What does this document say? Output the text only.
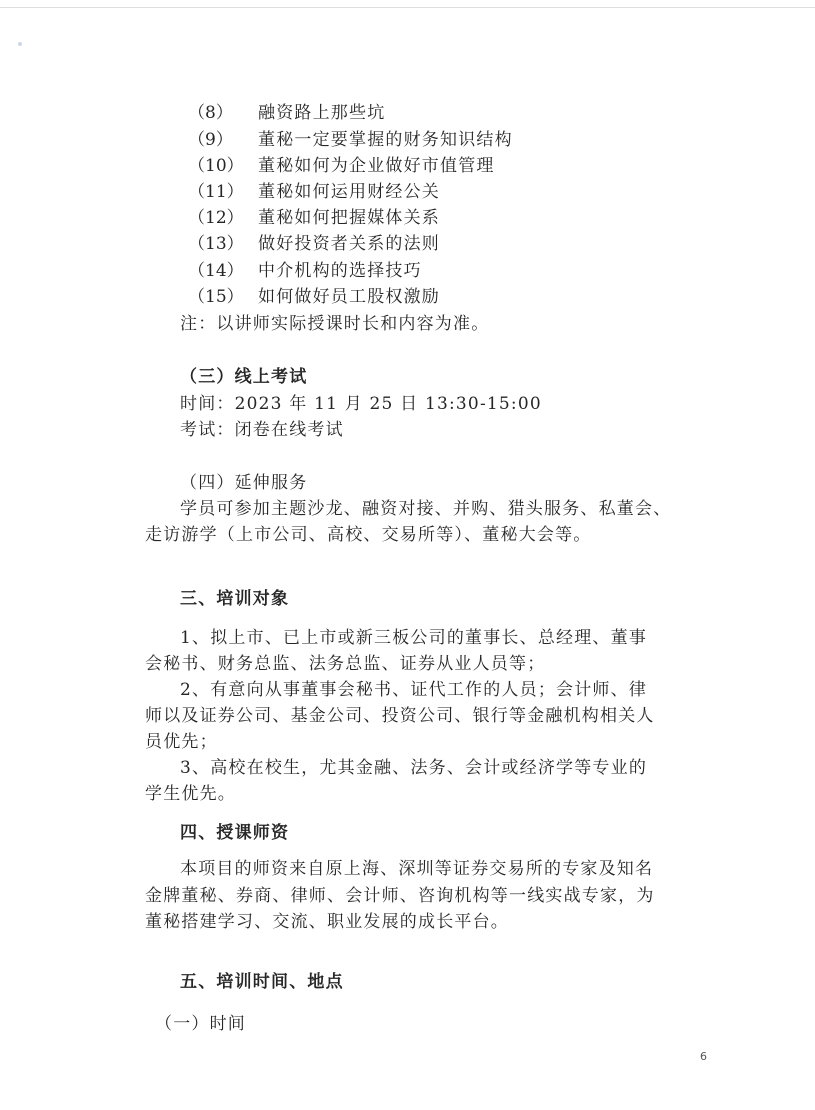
（8） 融资路上那些坑
（9） 董秘一定要掌握的财务知识结构
（10） 董秘如何为企业做好市值管理
（11） 董秘如何运用财经公关
（12） 董秘如何把握媒体关系
（13） 做好投资者关系的法则
（14） 中介机构的选择技巧
（15） 如何做好员工股权激励
注：以讲师实际授课时长和内容为准。
（三）线上考试
时间：2023 年 11 月 25 日 13:30-15:00
考试：闭卷在线考试
（四）延伸服务
学员可参加主题沙龙、融资对接、并购、猎头服务、私董会、
走访游学（上市公司、高校、交易所等）、董秘大会等。
三、培训对象
1、拟上市、已上市或新三板公司的董事长、总经理、董事
会秘书、财务总监、法务总监、证券从业人员等；
2、有意向从事董事会秘书、证代工作的人员；会计师、律
师以及证券公司、基金公司、投资公司、银行等金融机构相关人
员优先；
3、高校在校生，尤其金融、法务、会计或经济学等专业的
学生优先。
四、授课师资
本项目的师资来自原上海、深圳等证券交易所的专家及知名
金牌董秘、券商、律师、会计师、咨询机构等一线实战专家，为
董秘搭建学习、交流、职业发展的成长平台。
五、培训时间、地点
（一）时间
6
